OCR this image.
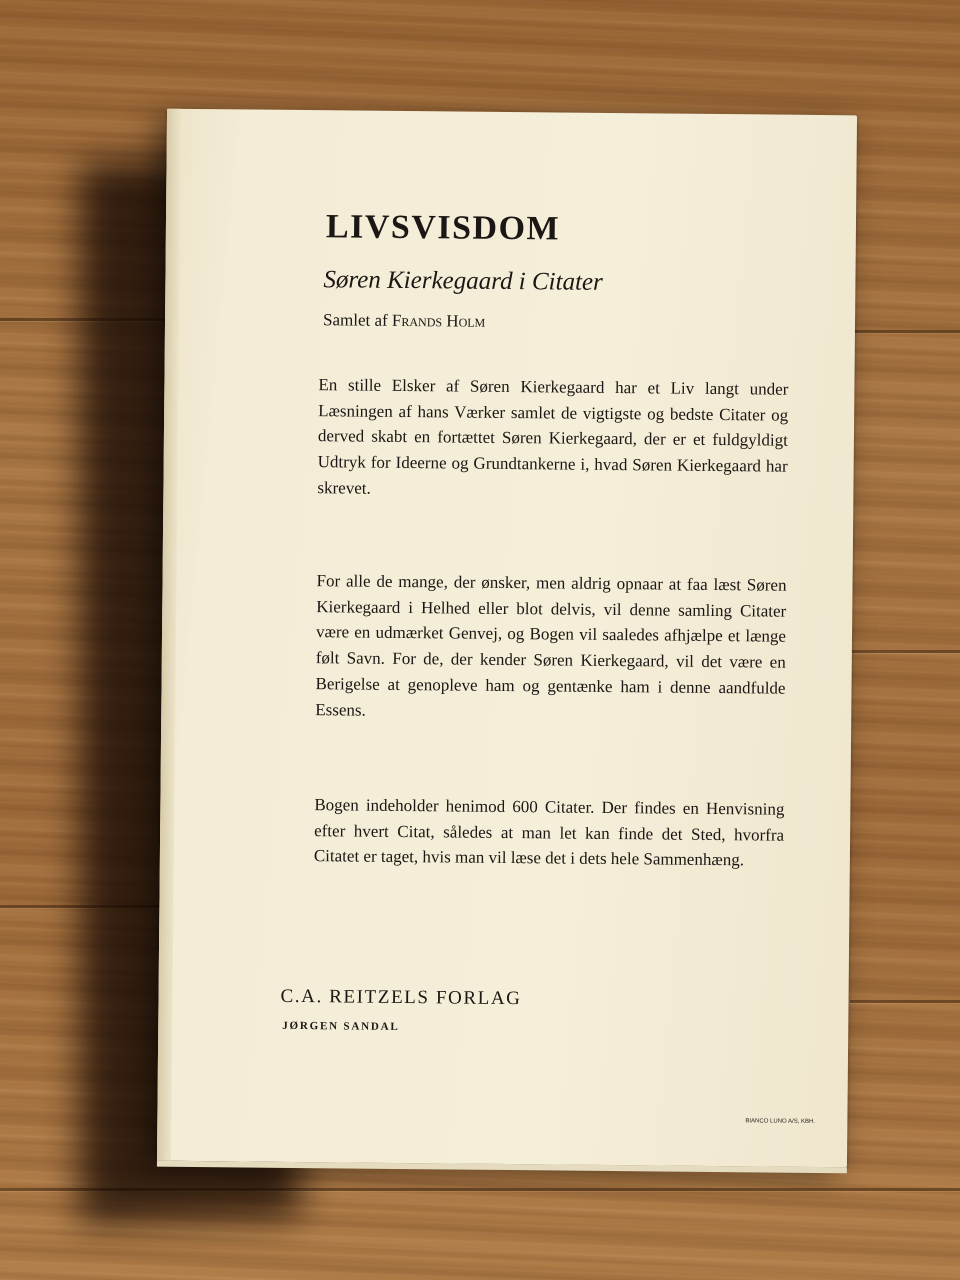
LIVSVISDOM

Søren Kierkegaard i Citater

Samlet af Frands Holm

En stille Elsker af Søren Kierkegaard har et Liv langt under Læsningen af hans Værker samlet de vigtigste og bedste Citater og derved skabt en fortættet Søren Kierkegaard, der er et fuldgyldigt Udtryk for Ideerne og Grundtankerne i, hvad Søren Kierkegaard har skrevet.

For alle de mange, der ønsker, men aldrig opnaar at faa læst Søren Kierkegaard i Helhed eller blot delvis, vil denne samling Citater være en udmærket Genvej, og Bogen vil saaledes afhjælpe et længe følt Savn. For de, der kender Søren Kierkegaard, vil det være en Berigelse at genopleve ham og gentænke ham i denne aandfulde Essens.

Bogen indeholder henimod 600 Citater. Der findes en Henvisning efter hvert Citat, således at man let kan finde det Sted, hvorfra Citatet er taget, hvis man vil læse det i dets hele Sammenhæng.

C.A. REITZELS FORLAG

JØRGEN SANDAL

BIANCO LUNO A/S, KBH.
